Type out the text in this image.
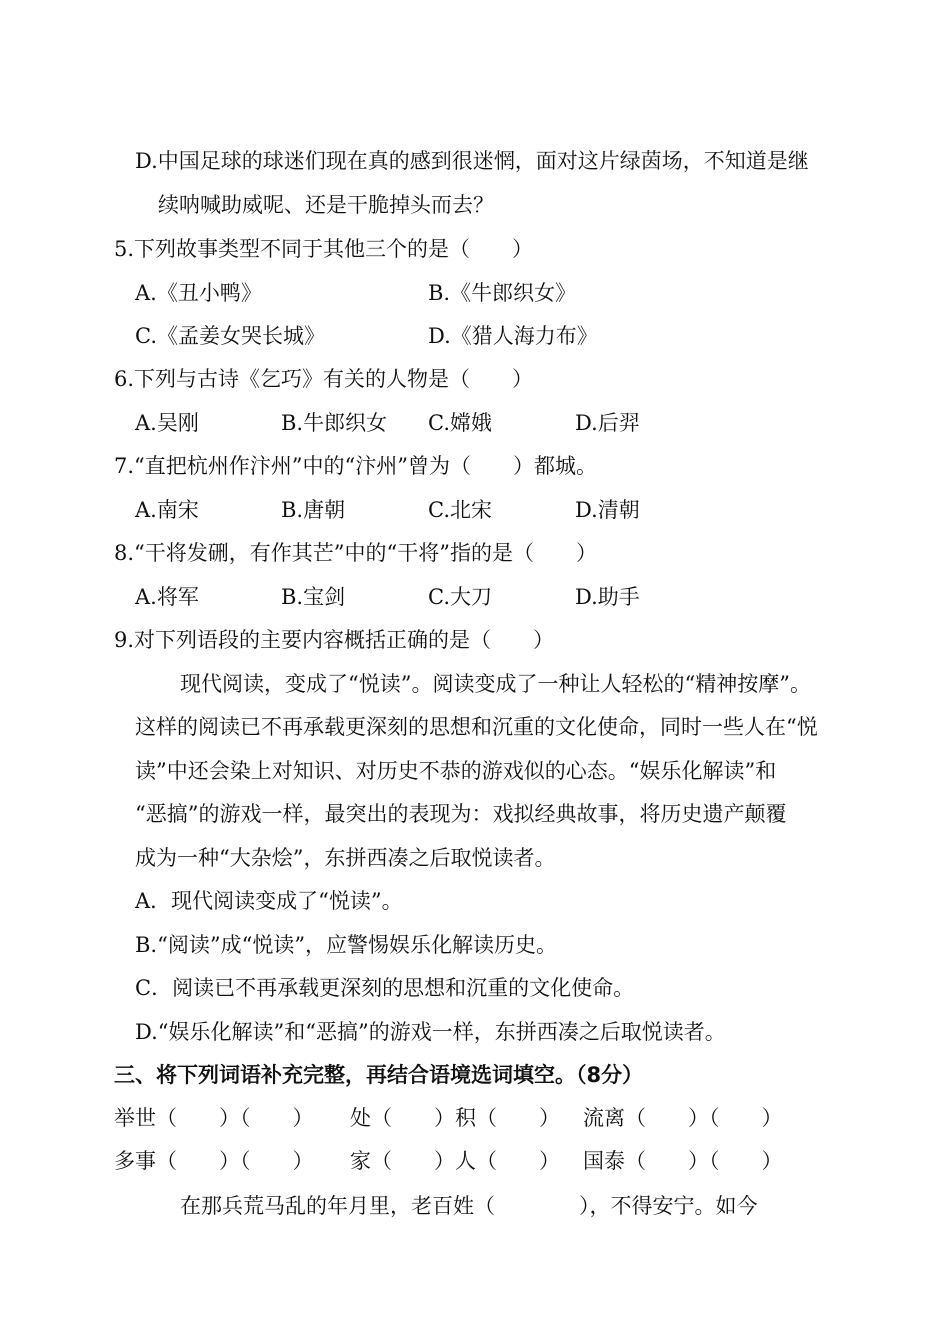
D.中国足球的球迷们现在真的感到很迷惘，面对这片绿茵场，不知道是继
续呐喊助威呢、还是干脆掉头而去？
5.下列故事类型不同于其他三个的是（　　）
A.《丑小鸭》	B.《牛郎织女》
C.《孟姜女哭长城》	D.《猎人海力布》
6.下列与古诗《乞巧》有关的人物是（　　）
A.吴刚	B.牛郎织女 C.嫦娥	D.后羿
7.“直把杭州作汴州”中的“汴州”曾为（　　）都城。
A.南宋	B.唐朝	C.北宋	D.清朝
8.“干将发硎，有作其芒”中的“干将”指的是（　　）
A.将军	B.宝剑	C.大刀	D.助手
9.对下列语段的主要内容概括正确的是（　　）
现代阅读，变成了“悦读”。阅读变成了一种让人轻松的“精神按摩”。
这样的阅读已不再承载更深刻的思想和沉重的文化使命，同时一些人在“悦
读”中还会染上对知识、对历史不恭的游戏似的心态。“娱乐化解读”和
“恶搞”的游戏一样，最突出的表现为：戏拟经典故事，将历史遗产颠覆
成为一种“大杂烩”，东拼西凑之后取悦读者。
A．现代阅读变成了“悦读”。
B.“阅读”成“悦读”，应警惕娱乐化解读历史。
C．阅读已不再承载更深刻的思想和沉重的文化使命。
D.“娱乐化解读”和“恶搞”的游戏一样，东拼西凑之后取悦读者。
三、将下列词语补充完整，再结合语境选词填空。（8分）
举世（　　）（　　） 处（　　）积（　　） 流离（　　）（　　）
多事（　　）（　　） 家（　　）人（　　） 国泰（　　）（　　）
在那兵荒马乱的年月里，老百姓（　　　　），不得安宁。如今
